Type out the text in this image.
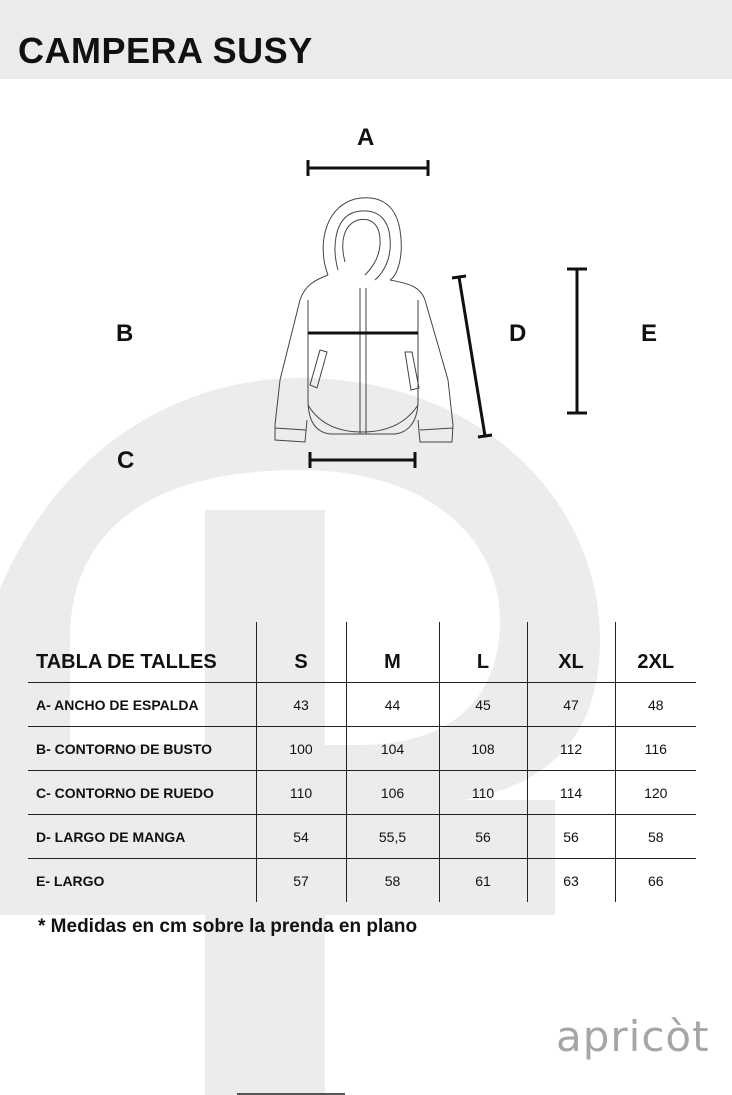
CAMPERA SUSY
A
B
C
D	E
TABLA DE TALLES	S	M	L	XL	2XL
A- ANCHO DE ESPALDA	43	44	45	47	48
B- CONTORNO DE BUSTO	100	104	108	112	116
C- CONTORNO DE RUEDO	110	106	110	114	120
D- LARGO DE MANGA	54	55,5	56	56	58
E- LARGO	57	58	61	63	66

* Medidas en cm sobre la prenda en plano

apricòt
